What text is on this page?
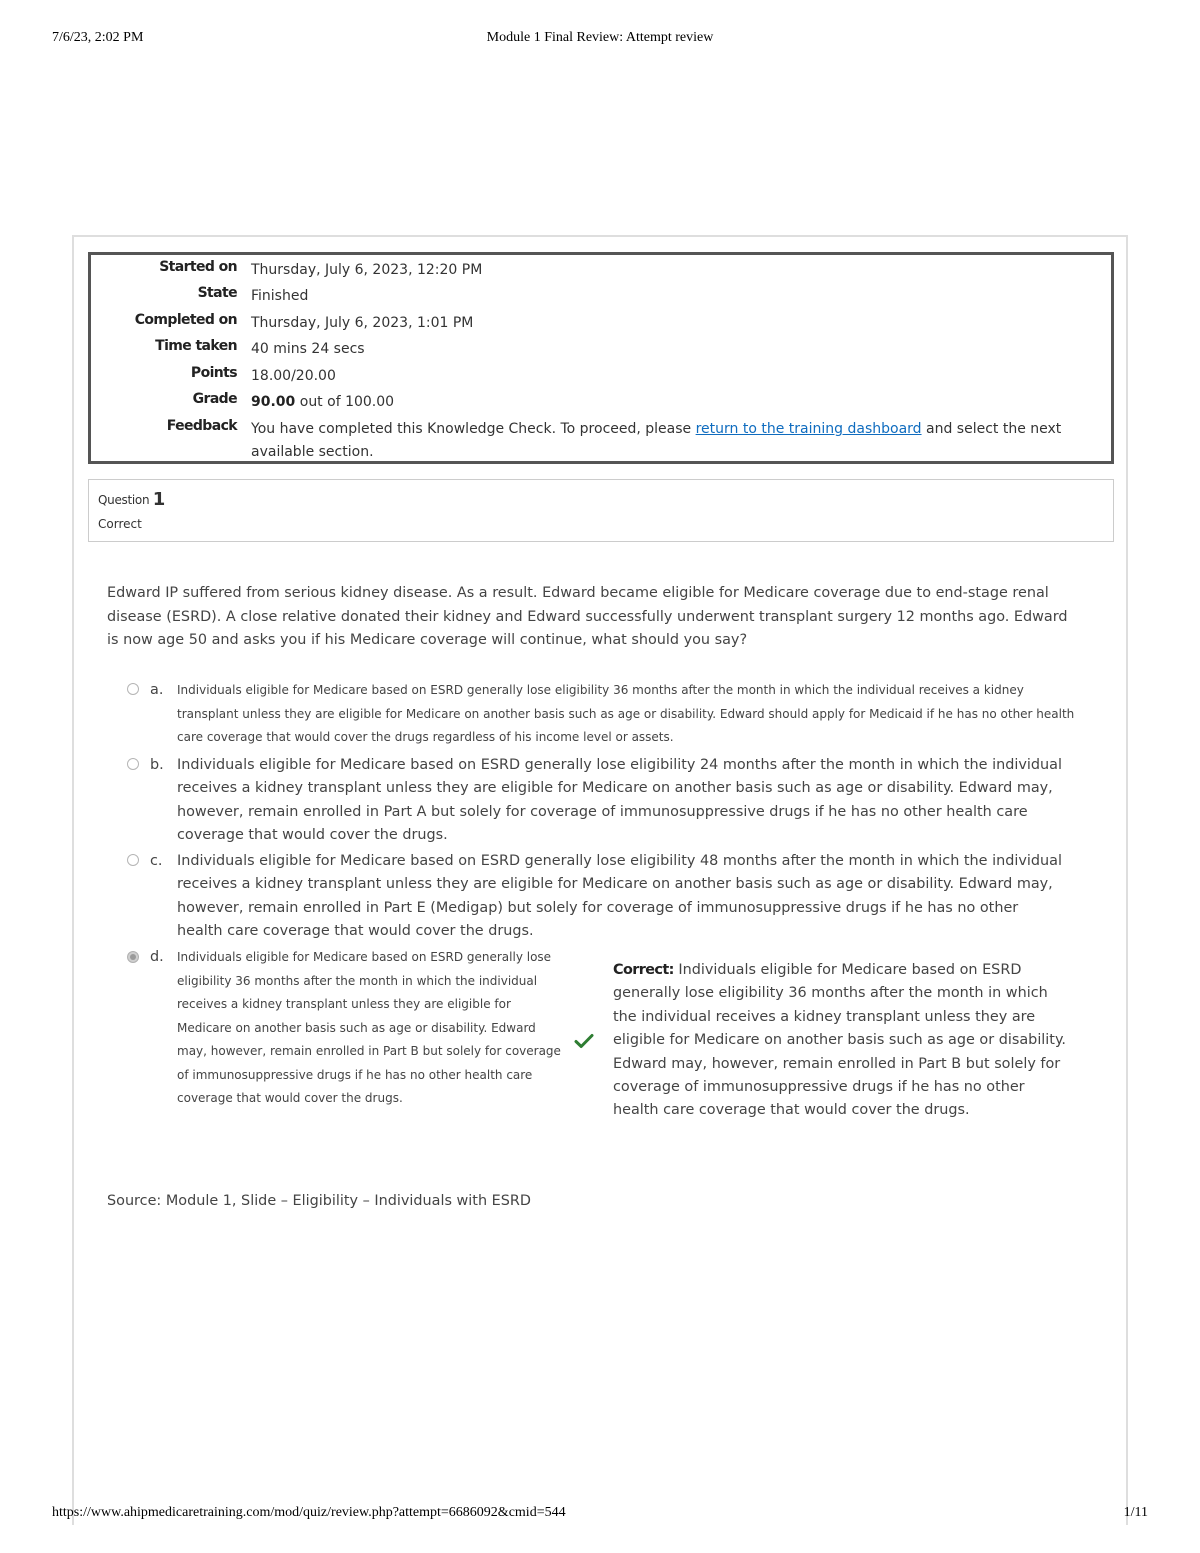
7/6/23, 2:02 PM	Module 1 Final Review: Attempt review
Started on Thursday, July 6, 2023, 12:20 PM
State Finished
Completed on Thursday, July 6, 2023, 1:01 PM
Time taken 40 mins 24 secs
Points 18.00/20.00
Grade 90.00 out of 100.00
Feedback You have completed this Knowledge Check. To proceed, please return to the training dashboard and select the next available section.
Question 1
Correct
Edward IP suffered from serious kidney disease. As a result. Edward became eligible for Medicare coverage due to end-stage renal disease (ESRD). A close relative donated their kidney and Edward successfully underwent transplant surgery 12 months ago. Edward is now age 50 and asks you if his Medicare coverage will continue, what should you say?
a. Individuals eligible for Medicare based on ESRD generally lose eligibility 36 months after the month in which the individual receives a kidney transplant unless they are eligible for Medicare on another basis such as age or disability. Edward should apply for Medicaid if he has no other health care coverage that would cover the drugs regardless of his income level or assets.
b. Individuals eligible for Medicare based on ESRD generally lose eligibility 24 months after the month in which the individual receives a kidney transplant unless they are eligible for Medicare on another basis such as age or disability. Edward may, however, remain enrolled in Part A but solely for coverage of immunosuppressive drugs if he has no other health care coverage that would cover the drugs.
c. Individuals eligible for Medicare based on ESRD generally lose eligibility 48 months after the month in which the individual receives a kidney transplant unless they are eligible for Medicare on another basis such as age or disability. Edward may, however, remain enrolled in Part E (Medigap) but solely for coverage of immunosuppressive drugs if he has no other health care coverage that would cover the drugs.
d. Individuals eligible for Medicare based on ESRD generally lose eligibility 36 months after the month in which the individual receives a kidney transplant unless they are eligible for Medicare on another basis such as age or disability. Edward may, however, remain enrolled in Part B but solely for coverage of immunosuppressive drugs if he has no other health care coverage that would cover the drugs.
Correct: Individuals eligible for Medicare based on ESRD generally lose eligibility 36 months after the month in which the individual receives a kidney transplant unless they are eligible for Medicare on another basis such as age or disability. Edward may, however, remain enrolled in Part B but solely for coverage of immunosuppressive drugs if he has no other health care coverage that would cover the drugs.
Source: Module 1, Slide – Eligibility – Individuals with ESRD
https://www.ahipmedicaretraining.com/mod/quiz/review.php?attempt=6686092&cmid=544	1/11
